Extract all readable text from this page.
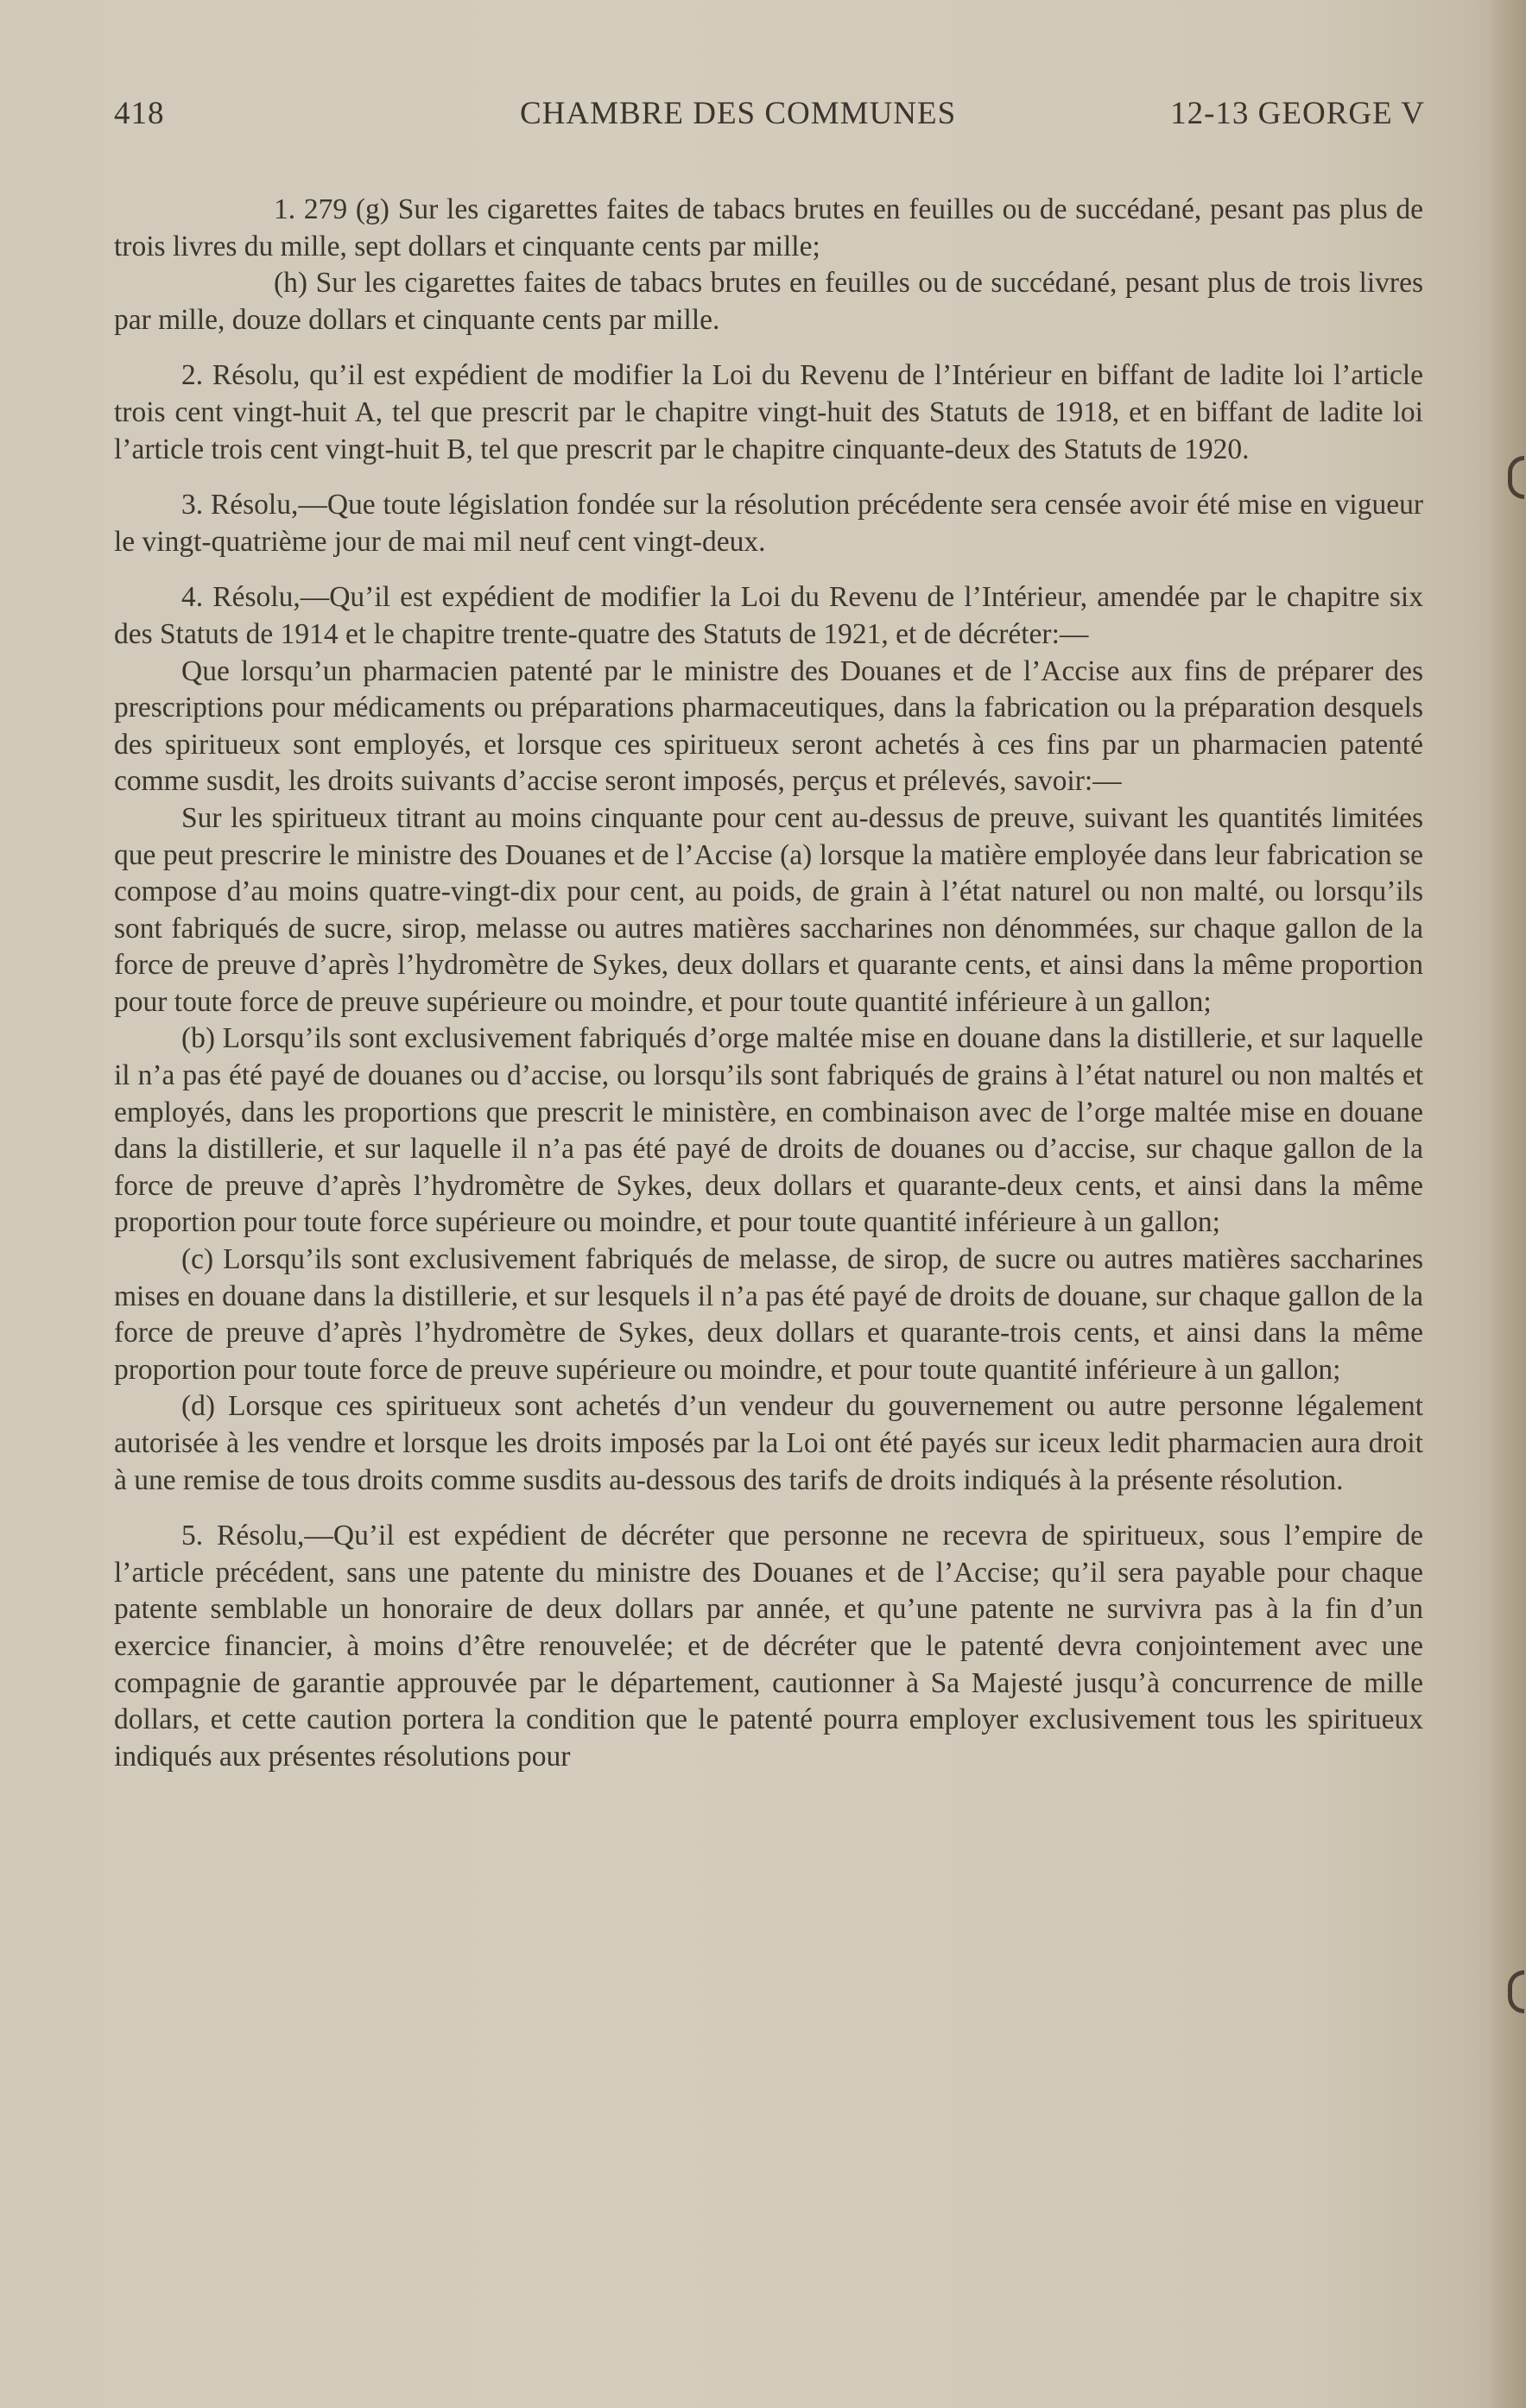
418	CHAMBRE DES COMMUNES	12-13 GEORGE V

1. 279 (g) Sur les cigarettes faites de tabacs brutes en feuilles ou de succédané, pesant pas plus de trois livres du mille, sept dollars et cinquante cents par mille;

(h) Sur les cigarettes faites de tabacs brutes en feuilles ou de succédané, pesant plus de trois livres par mille, douze dollars et cinquante cents par mille.

2. Résolu, qu’il est expédient de modifier la Loi du Revenu de l’Intérieur en biffant de ladite loi l’article trois cent vingt-huit A, tel que prescrit par le chapitre vingt-huit des Statuts de 1918, et en biffant de ladite loi l’article trois cent vingt-huit B, tel que prescrit par le chapitre cinquante-deux des Statuts de 1920.

3. Résolu,—Que toute législation fondée sur la résolution précédente sera censée avoir été mise en vigueur le vingt-quatrième jour de mai mil neuf cent vingt-deux.

4. Résolu,—Qu’il est expédient de modifier la Loi du Revenu de l’Intérieur, amendée par le chapitre six des Statuts de 1914 et le chapitre trente-quatre des Statuts de 1921, et de décréter:—

Que lorsqu’un pharmacien patenté par le ministre des Douanes et de l’Accise aux fins de préparer des prescriptions pour médicaments ou préparations pharmaceutiques, dans la fabrication ou la préparation desquels des spiritueux sont employés, et lorsque ces spiritueux seront achetés à ces fins par un pharmacien patenté comme susdit, les droits suivants d’accise seront imposés, perçus et prélevés, savoir:—

Sur les spiritueux titrant au moins cinquante pour cent au-dessus de preuve, suivant les quantités limitées que peut prescrire le ministre des Douanes et de l’Accise (a) lorsque la matière employée dans leur fabrication se compose d’au moins quatre-vingt-dix pour cent, au poids, de grain à l’état naturel ou non malté, ou lorsqu’ils sont fabriqués de sucre, sirop, melasse ou autres matières saccharines non dénommées, sur chaque gallon de la force de preuve d’après l’hydromètre de Sykes, deux dollars et quarante cents, et ainsi dans la même proportion pour toute force de preuve supérieure ou moindre, et pour toute quantité inférieure à un gallon;

(b) Lorsqu’ils sont exclusivement fabriqués d’orge maltée mise en douane dans la distillerie, et sur laquelle il n’a pas été payé de douanes ou d’accise, ou lorsqu’ils sont fabriqués de grains à l’état naturel ou non maltés et employés, dans les proportions que prescrit le ministère, en combinaison avec de l’orge maltée mise en douane dans la distillerie, et sur laquelle il n’a pas été payé de droits de douanes ou d’accise, sur chaque gallon de la force de preuve d’après l’hydromètre de Sykes, deux dollars et quarante-deux cents, et ainsi dans la même proportion pour toute force supérieure ou moindre, et pour toute quantité inférieure à un gallon;

(c) Lorsqu’ils sont exclusivement fabriqués de melasse, de sirop, de sucre ou autres matières saccharines mises en douane dans la distillerie, et sur lesquels il n’a pas été payé de droits de douane, sur chaque gallon de la force de preuve d’après l’hydromètre de Sykes, deux dollars et quarante-trois cents, et ainsi dans la même proportion pour toute force de preuve supérieure ou moindre, et pour toute quantité inférieure à un gallon;

(d) Lorsque ces spiritueux sont achetés d’un vendeur du gouvernement ou autre personne légalement autorisée à les vendre et lorsque les droits imposés par la Loi ont été payés sur iceux ledit pharmacien aura droit à une remise de tous droits comme susdits au-dessous des tarifs de droits indiqués à la présente résolution.

5. Résolu,—Qu’il est expédient de décréter que personne ne recevra de spiritueux, sous l’empire de l’article précédent, sans une patente du ministre des Douanes et de l’Accise; qu’il sera payable pour chaque patente semblable un honoraire de deux dollars par année, et qu’une patente ne survivra pas à la fin d’un exercice financier, à moins d’être renouvelée; et de décréter que le patenté devra conjointement avec une compagnie de garantie approuvée par le département, cautionner à Sa Majesté jusqu’à concurrence de mille dollars, et cette caution portera la condition que le patenté pourra employer exclusivement tous les spiritueux indiqués aux présentes résolutions pour
